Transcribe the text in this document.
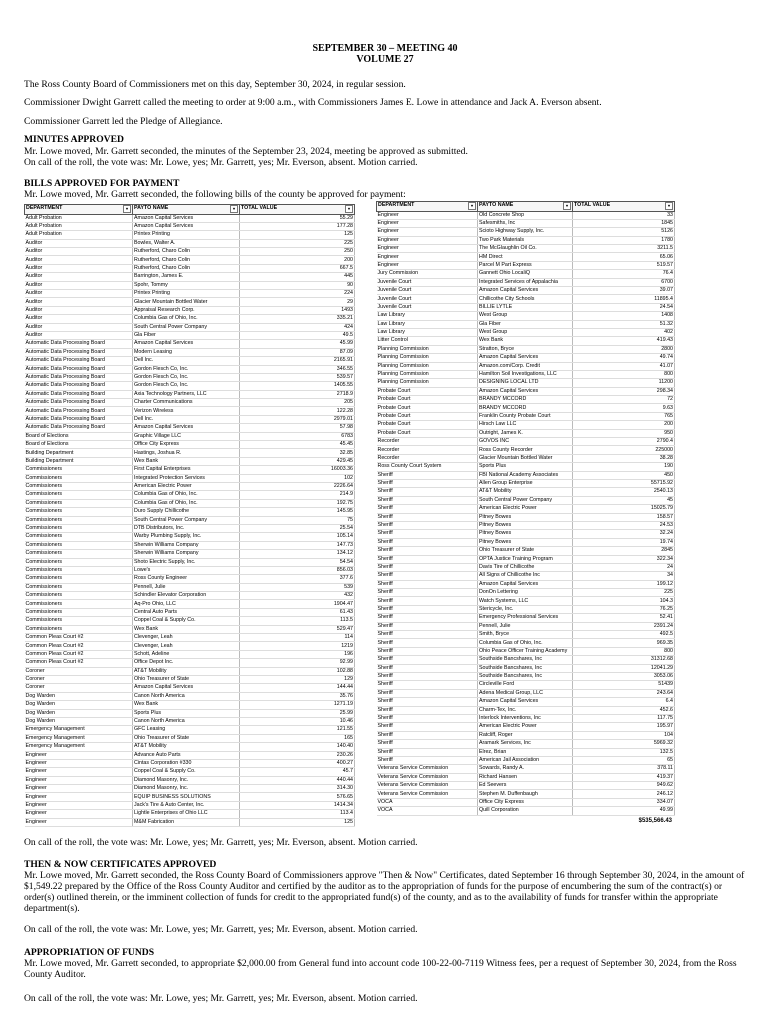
SEPTEMBER 30 – MEETING 40
VOLUME 27
The Ross County Board of Commissioners met on this day, September 30, 2024, in regular session.
Commissioner Dwight Garrett called the meeting to order at 9:00 a.m., with Commissioners James E. Lowe in attendance and Jack A. Everson absent.
Commissioner Garrett led the Pledge of Allegiance.
MINUTES APPROVED
Mr. Lowe moved, Mr. Garrett seconded, the minutes of the September 23, 2024, meeting be approved as submitted.
On call of the roll, the vote was: Mr. Lowe, yes; Mr. Garrett, yes; Mr. Everson, absent. Motion carried.
BILLS APPROVED FOR PAYMENT
Mr. Lowe moved, Mr. Garrett seconded, the following bills of the county be approved for payment:
DEPARTMENT ▾	PAYTO NAME ▾	TOTAL VALUE ▾

Adult Probation	Amazon Capital Services	55.29
Adult Probation	Amazon Capital Services	177.28
Adult Probation	Printex Printing	125
Auditor	Bowles, Walter A.	225
Auditor	Rutherford, Charo Colin	250
Auditor	Rutherford, Charo Colin	200
Auditor	Rutherford, Charo Colin	667.5
Auditor	Barrington, James E.	445
Auditor	Spohr, Tommy	90
Auditor	Printex Printing	224
Auditor	Glacier Mountain Bottled Water	29
Auditor	Appraisal Research Corp.	1493
Auditor	Columbia Gas of Ohio, Inc.	335.21
Auditor	South Central Power Company	424
Auditor	Gla Fiber	49.5
Automatic Data Processing Board	Amazon Capital Services	45.99
Automatic Data Processing Board	Modern Leasing	87.09
Automatic Data Processing Board	Dell Inc.	2165.91
Automatic Data Processing Board	Gordon Flesch Co, Inc.	346.55
Automatic Data Processing Board	Gordon Flesch Co, Inc.	539.57
Automatic Data Processing Board	Gordon Flesch Co, Inc.	1405.55
Automatic Data Processing Board	Axia Technology Partners, LLC	2718.9
Automatic Data Processing Board	Charter Communications	205
Automatic Data Processing Board	Verizon Wireless	122.28
Automatic Data Processing Board	Dell Inc.	2979.01
Automatic Data Processing Board	Amazon Capital Services	57.98
Board of Elections	Graphic Village LLC	6783
Board of Elections	Office City Express	45.45
Building Department	Hastings, Joshua R.	32.85
Building Department	Wex Bank	429.45
Commissioners	First Capital Enterprises	16003.36
Commissioners	Integrated Protection Services	102
Commissioners	American Electric Power	2226.64
Commissioners	Columbia Gas of Ohio, Inc.	214.9
Commissioners	Columbia Gas of Ohio, Inc.	192.75
Commissioners	Duro Supply Chillicothe	145.95
Commissioners	South Central Power Company	75
Commissioners	DTB Distributors, Inc.	25.54
Commissioners	Warby Plumbing Supply, Inc.	105.14
Commissioners	Sherwin Williams Company	147.73
Commissioners	Sherwin Williams Company	134.12
Commissioners	Shoto Electric Supply, Inc.	54.54
Commissioners	Lowe's	856.03
Commissioners	Ross County Engineer	377.6
Commissioners	Pennell, Julie	539
Commissioners	Schindler Elevator Corporation	432
Commissioners	Aq-Pro Ohio, LLC	1904.47
Commissioners	Central Auto Parts	61.43
Commissioners	Coppel Coal & Supply Co.	113.5
Commissioners	Wex Bank	529.47
Common Pleas Court #2	Clevenger, Leah	114
Common Pleas Court #2	Clevenger, Leah	1219
Common Pleas Court #2	Schott, Adeline	196
Common Pleas Court #2	Office Depot Inc.	92.99
Coroner	AT&T Mobility	102.88
Coroner	Ohio Treasurer of State	129
Coroner	Amazon Capital Services	144.44
Dog Warden	Canon North America	35.76
Dog Warden	Wex Bank	1271.19
Dog Warden	Sports Plus	25.99
Dog Warden	Canon North America	10.46
Emergency Management	GFC Leasing	121.55
Emergency Management	Ohio Treasurer of State	165
Emergency Management	AT&T Mobility	140.40
Engineer	Advance Auto Parts	230.26
Engineer	Cintas Corporation #330	400.27
Engineer	Coppel Coal & Supply Co.	45.7
Engineer	Diamond Masonry, Inc.	440.44
Engineer	Diamond Masonry, Inc.	314.30
Engineer	EQUIP BUSINESS SOLUTIONS	576.65
Engineer	Jack's Tire & Auto Center, Inc.	1414.34
Engineer	Lightle Enterprises of Ohio LLC	113.4
Engineer	M&M Fabrication	125
DEPARTMENT ▾	PAYTO NAME ▾	TOTAL VALUE ▾

Engineer	Old Concrete Shop	33
Engineer	Safesmiths, Inc	1845
Engineer	Scioto Highway Supply, Inc.	5126
Engineer	Two Park Materials	1780
Engineer	The McGlaughlin Oil Co.	3211.5
Engineer	HM Direct	65.06
Engineer	Parcel M Part Express	519.57
Jury Commission	Gannett Ohio LocaliQ	76.4
Juvenile Court	Integrated Services of Appalachia	6700
Juvenile Court	Amazon Capital Services	39.07
Juvenile Court	Chillicothe City Schools	11895.4
Juvenile Court	BILLIE LYTLE	24.54
Law Library	West Group	1408
Law Library	Gla Fiber	51.32
Law Library	West Group	402
Litter Control	Wex Bank	419.43
Planning Commission	Stratton, Bryce	2800
Planning Commission	Amazon Capital Services	49.74
Planning Commission	Amazon.com/Corp. Credit	41.07
Planning Commission	Hamilton Soil Investigations, LLC	800
Planning Commission	DESIGNING LOCAL LTD	11200
Probate Court	Amazon Capital Services	298.34
Probate Court	BRANDY MCCORD	72
Probate Court	BRANDY MCCORD	9.63
Probate Court	Franklin County Probate Court	765
Probate Court	Hirsch Law LLC	200
Probate Court	Outright, James K.	950
Recorder	GOVOS INC	2790.4
Recorder	Ross County Recorder	225000
Recorder	Glacier Mountain Bottled Water	38.28
Ross County Court System	Sports Plus	190
Sheriff	FBI National Academy Associates	450
Sheriff	Allen Group Enterprise	55715.92
Sheriff	AT&T Mobility	2540.13
Sheriff	South Central Power Company	45
Sheriff	American Electric Power	15025.79
Sheriff	Pitney Bowes	158.57
Sheriff	Pitney Bowes	24.53
Sheriff	Pitney Bowes	32.24
Sheriff	Pitney Bowes	19.74
Sheriff	Ohio Treasurer of State	2845
Sheriff	OPTA Justice Training Program	322.34
Sheriff	Davis Tire of Chillicothe	24
Sheriff	All Signs of Chillicothe Inc	34
Sheriff	Amazon Capital Services	199.12
Sheriff	DonOn Lettering	225
Sheriff	Watch Systems, LLC	104.3
Sheriff	Stericycle, Inc.	76.25
Sheriff	Emergency Professional Services	52.41
Sheriff	Pennell, Julie	2391.24
Sheriff	Smith, Bryce	492.5
Sheriff	Columbia Gas of Ohio, Inc.	969.35
Sheriff	Ohio Peace Officer Training Academy	800
Sheriff	Southside Bancshares, Inc	31312.68
Sheriff	Southside Bancshares, Inc	12041.29
Sheriff	Southside Bancshares, Inc	3053.06
Sheriff	Circleville Ford	51439
Sheriff	Adena Medical Group, LLC	243.64
Sheriff	Amazon Capital Services	6.4
Sheriff	Charm-Tex, Inc.	452.6
Sheriff	Interlock Interventions, Inc	117.75
Sheriff	American Electric Power	195.97
Sheriff	Ratcliff, Roger	104
Sheriff	Aramark Services, Inc	5969.32
Sheriff	Elrez, Brian	132.5
Sheriff	American Jail Association	65
Veterans Service Commission	Sowards, Randy A.	378.11
Veterans Service Commission	Richard Hansen	419.37
Veterans Service Commission	Ed Seevers	949.62
Veterans Service Commission	Stephen M. Duffenbaugh	246.12
VOCA	Office City Express	334.07
VOCA	Quill Corporation	49.99
$535,566.43
On call of the roll, the vote was: Mr. Lowe, yes; Mr. Garrett, yes; Mr. Everson, absent. Motion carried.
THEN & NOW CERTIFICATES APPROVED
Mr. Lowe moved, Mr. Garrett seconded, the Ross County Board of Commissioners approve "Then & Now" Certificates, dated September 16 through September 30, 2024, in the amount of $1,549.22 prepared by the Office of the Ross County Auditor and certified by the auditor as to the appropriation of funds for the purpose of encumbering the sum of the contract(s) or order(s) outlined therein, or the imminent collection of funds for credit to the appropriated fund(s) of the county, and as to the availability of funds for transfer within the appropriate department(s).
On call of the roll, the vote was: Mr. Lowe, yes; Mr. Garrett, yes; Mr. Everson, absent. Motion carried.
APPROPRIATION OF FUNDS
Mr. Lowe moved, Mr. Garrett seconded, to appropriate $2,000.00 from General fund into account code 100-22-00-7119 Witness fees, per a request of September 30, 2024, from the Ross County Auditor.
On call of the roll, the vote was: Mr. Lowe, yes; Mr. Garrett, yes; Mr. Everson, absent. Motion carried.
